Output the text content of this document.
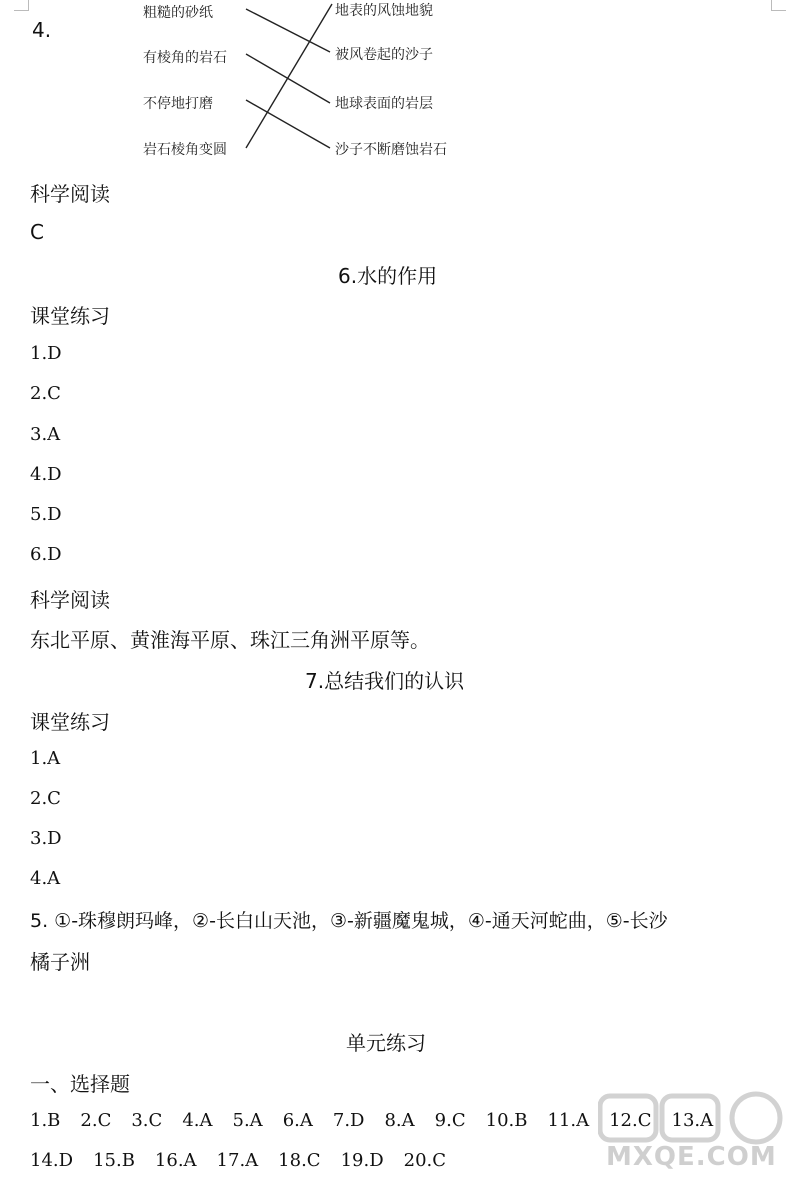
4.
粗糙的砂纸
有棱角的岩石
不停地打磨
岩石棱角变圆
地表的风蚀地貌
被风卷起的沙子
地球表面的岩层
沙子不断磨蚀岩石
科学阅读
C
6.水的作用
课堂练习
1.D
2.C
3.A
4.D
5.D
6.D
科学阅读
东北平原、黄淮海平原、珠江三角洲平原等。
7.总结我们的认识
课堂练习
1.A
2.C
3.D
4.A
5. ①-珠穆朗玛峰，②-长白山天池，③-新疆魔鬼城，④-通天河蛇曲，⑤-长沙
橘子洲
单元练习
一、选择题
1.B 2.C 3.C 4.A 5.A 6.A 7.D 8.A 9.C 10.B 11.A 12.C 13.A
14.D 15.B 16.A 17.A 18.C 19.D 20.C	MXQE.COM
